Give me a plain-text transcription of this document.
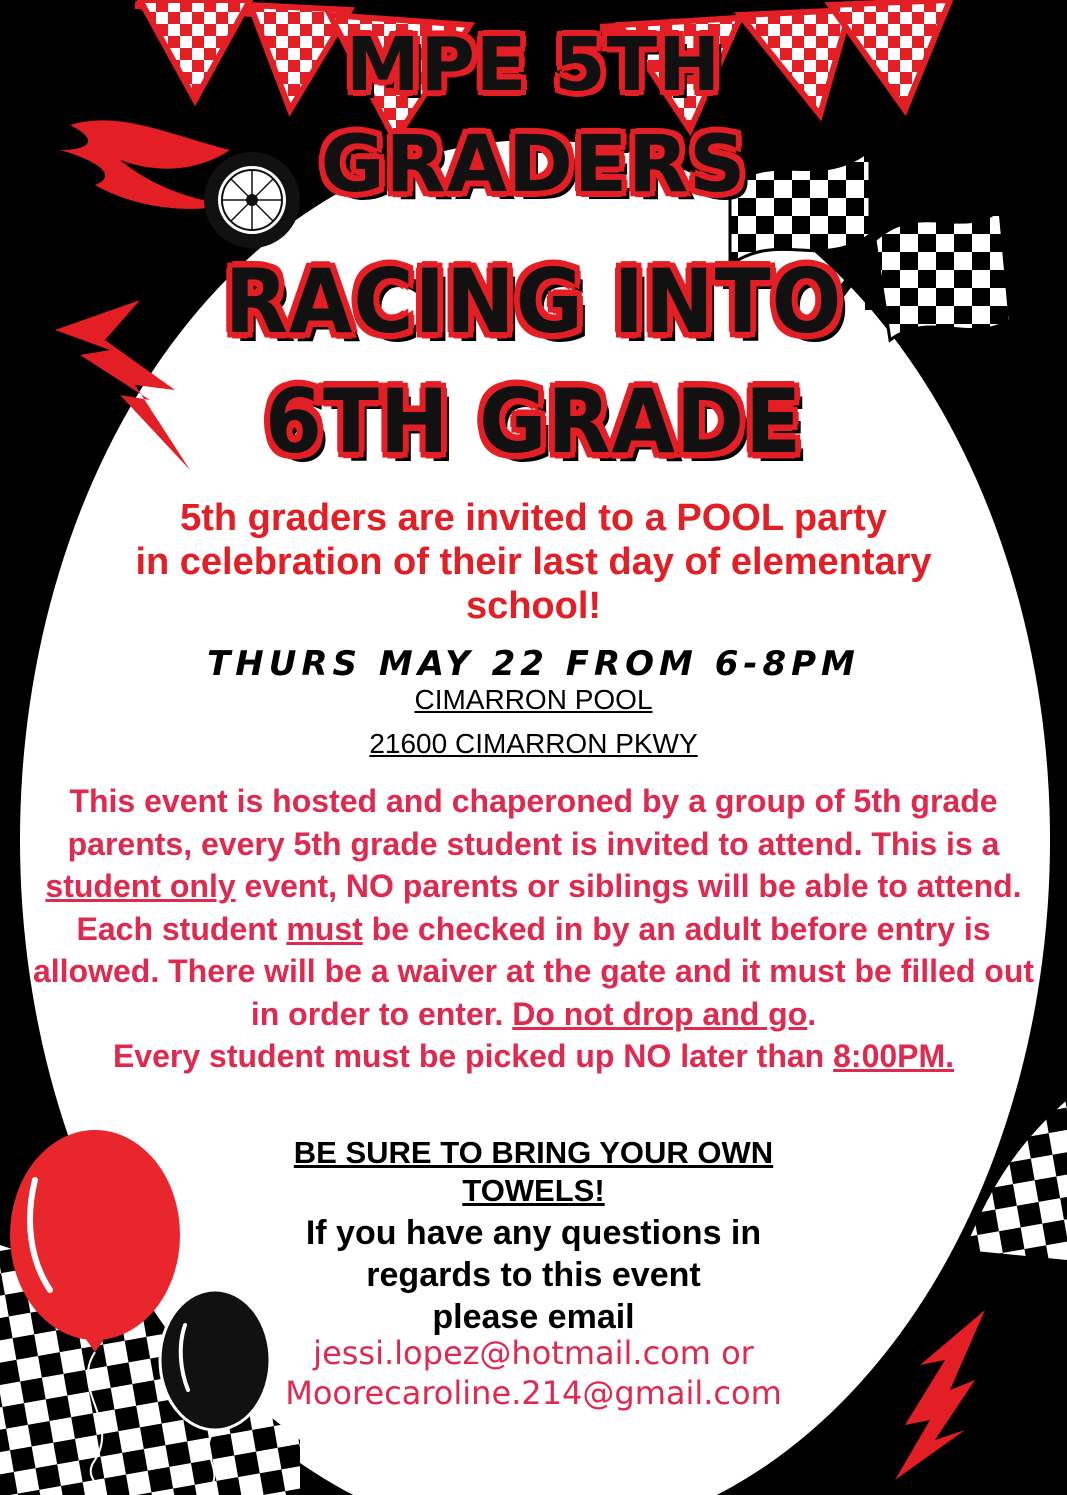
MPE 5TH
GRADERS
RACING INTO
6TH GRADE
5th graders are invited to a POOL party
in celebration of their last day of elementary
school!
THURS MAY 22 FROM 6-8PM
CIMARRON POOL
21600 CIMARRON PKWY
This event is hosted and chaperoned by a group of 5th grade parents, every 5th grade student is invited to attend. This is a student only event, NO parents or siblings will be able to attend. Each student must be checked in by an adult before entry is allowed. There will be a waiver at the gate and it must be filled out in order to enter. Do not drop and go.
Every student must be picked up NO later than 8:00PM.
BE SURE TO BRING YOUR OWN
TOWELS!
If you have any questions in
regards to this event
please email
jessi.lopez@hotmail.com or
Moorecaroline.214@gmail.com
